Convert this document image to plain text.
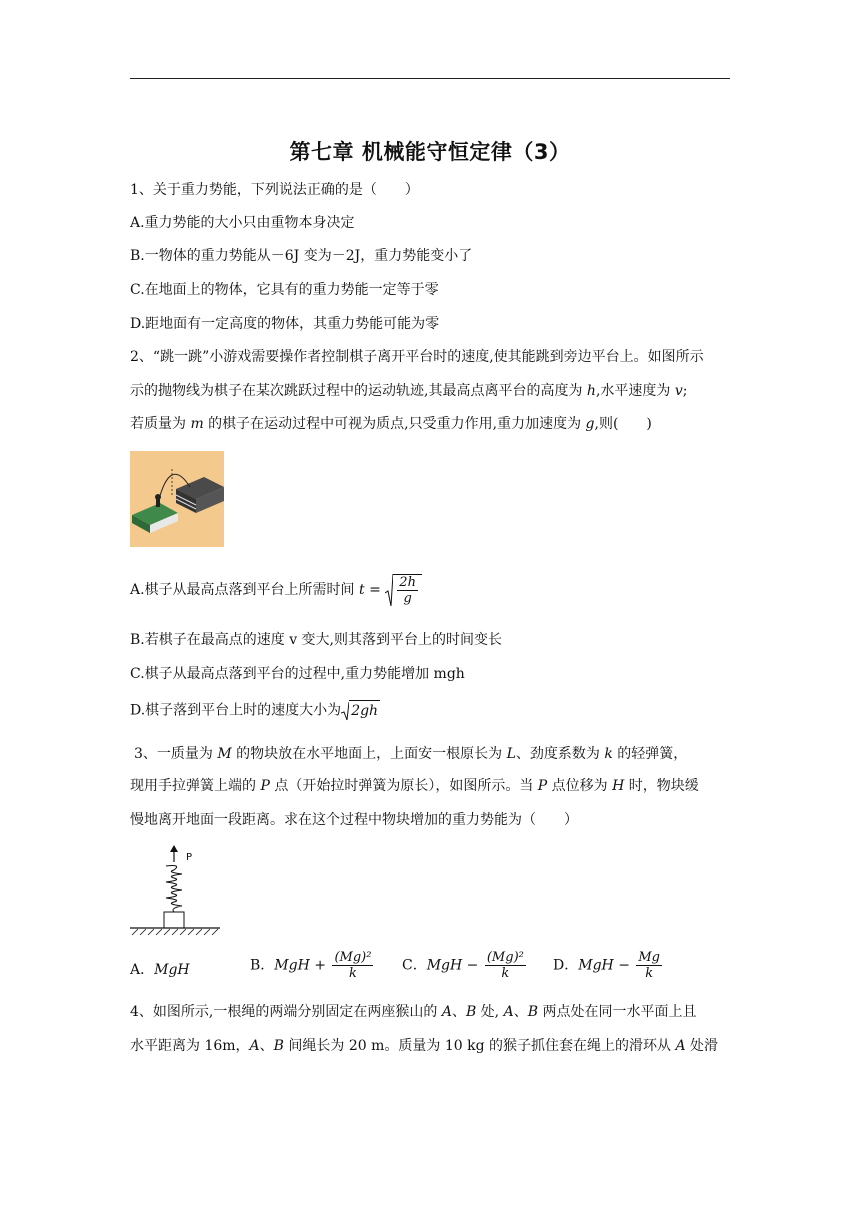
第七章 机械能守恒定律（3）
1、关于重力势能，下列说法正确的是（　　）
A.重力势能的大小只由重物本身决定
B.一物体的重力势能从－6J 变为－2J，重力势能变小了
C.在地面上的物体，它具有的重力势能一定等于零
D.距地面有一定高度的物体，其重力势能可能为零
2、“跳一跳”小游戏需要操作者控制棋子离开平台时的速度,使其能跳到旁边平台上。如图所示
示的抛物线为棋子在某次跳跃过程中的运动轨迹,其最高点离平台的高度为 h,水平速度为 v;
若质量为 m 的棋子在运动过程中可视为质点,只受重力作用,重力加速度为 g,则(　　)
A.棋子从最高点落到平台上所需时间 $t = \frac{2h}{g}$
B.若棋子在最高点的速度 v 变大,则其落到平台上的时间变长
C.棋子从最高点落到平台的过程中,重力势能增加 mgh
D.棋子落到平台上时的速度大小为 2gh
3、一质量为 M 的物块放在水平地面上，上面安一根原长为 L、劲度系数为 k 的轻弹簧，
现用手拉弹簧上端的 P 点（开始拉时弹簧为原长），如图所示。当 P 点位移为 H 时，物块缓
慢地离开地面一段距离。求在这个过程中物块增加的重力势能为（　　）
P
A．MgH	B．MgH + $\frac{\text{(Mg)²}}{k}$ C．MgH − $\frac{\text{(Mg)²}}{k}$ D．MgH − $\frac{Mg}{k}$
4、如图所示,一根绳的两端分别固定在两座猴山的 A、B 处, A、B 两点处在同一水平面上且
水平距离为 16m，A、B 间绳长为 20 m。质量为 10 kg 的猴子抓住套在绳上的滑环从 A 处滑
